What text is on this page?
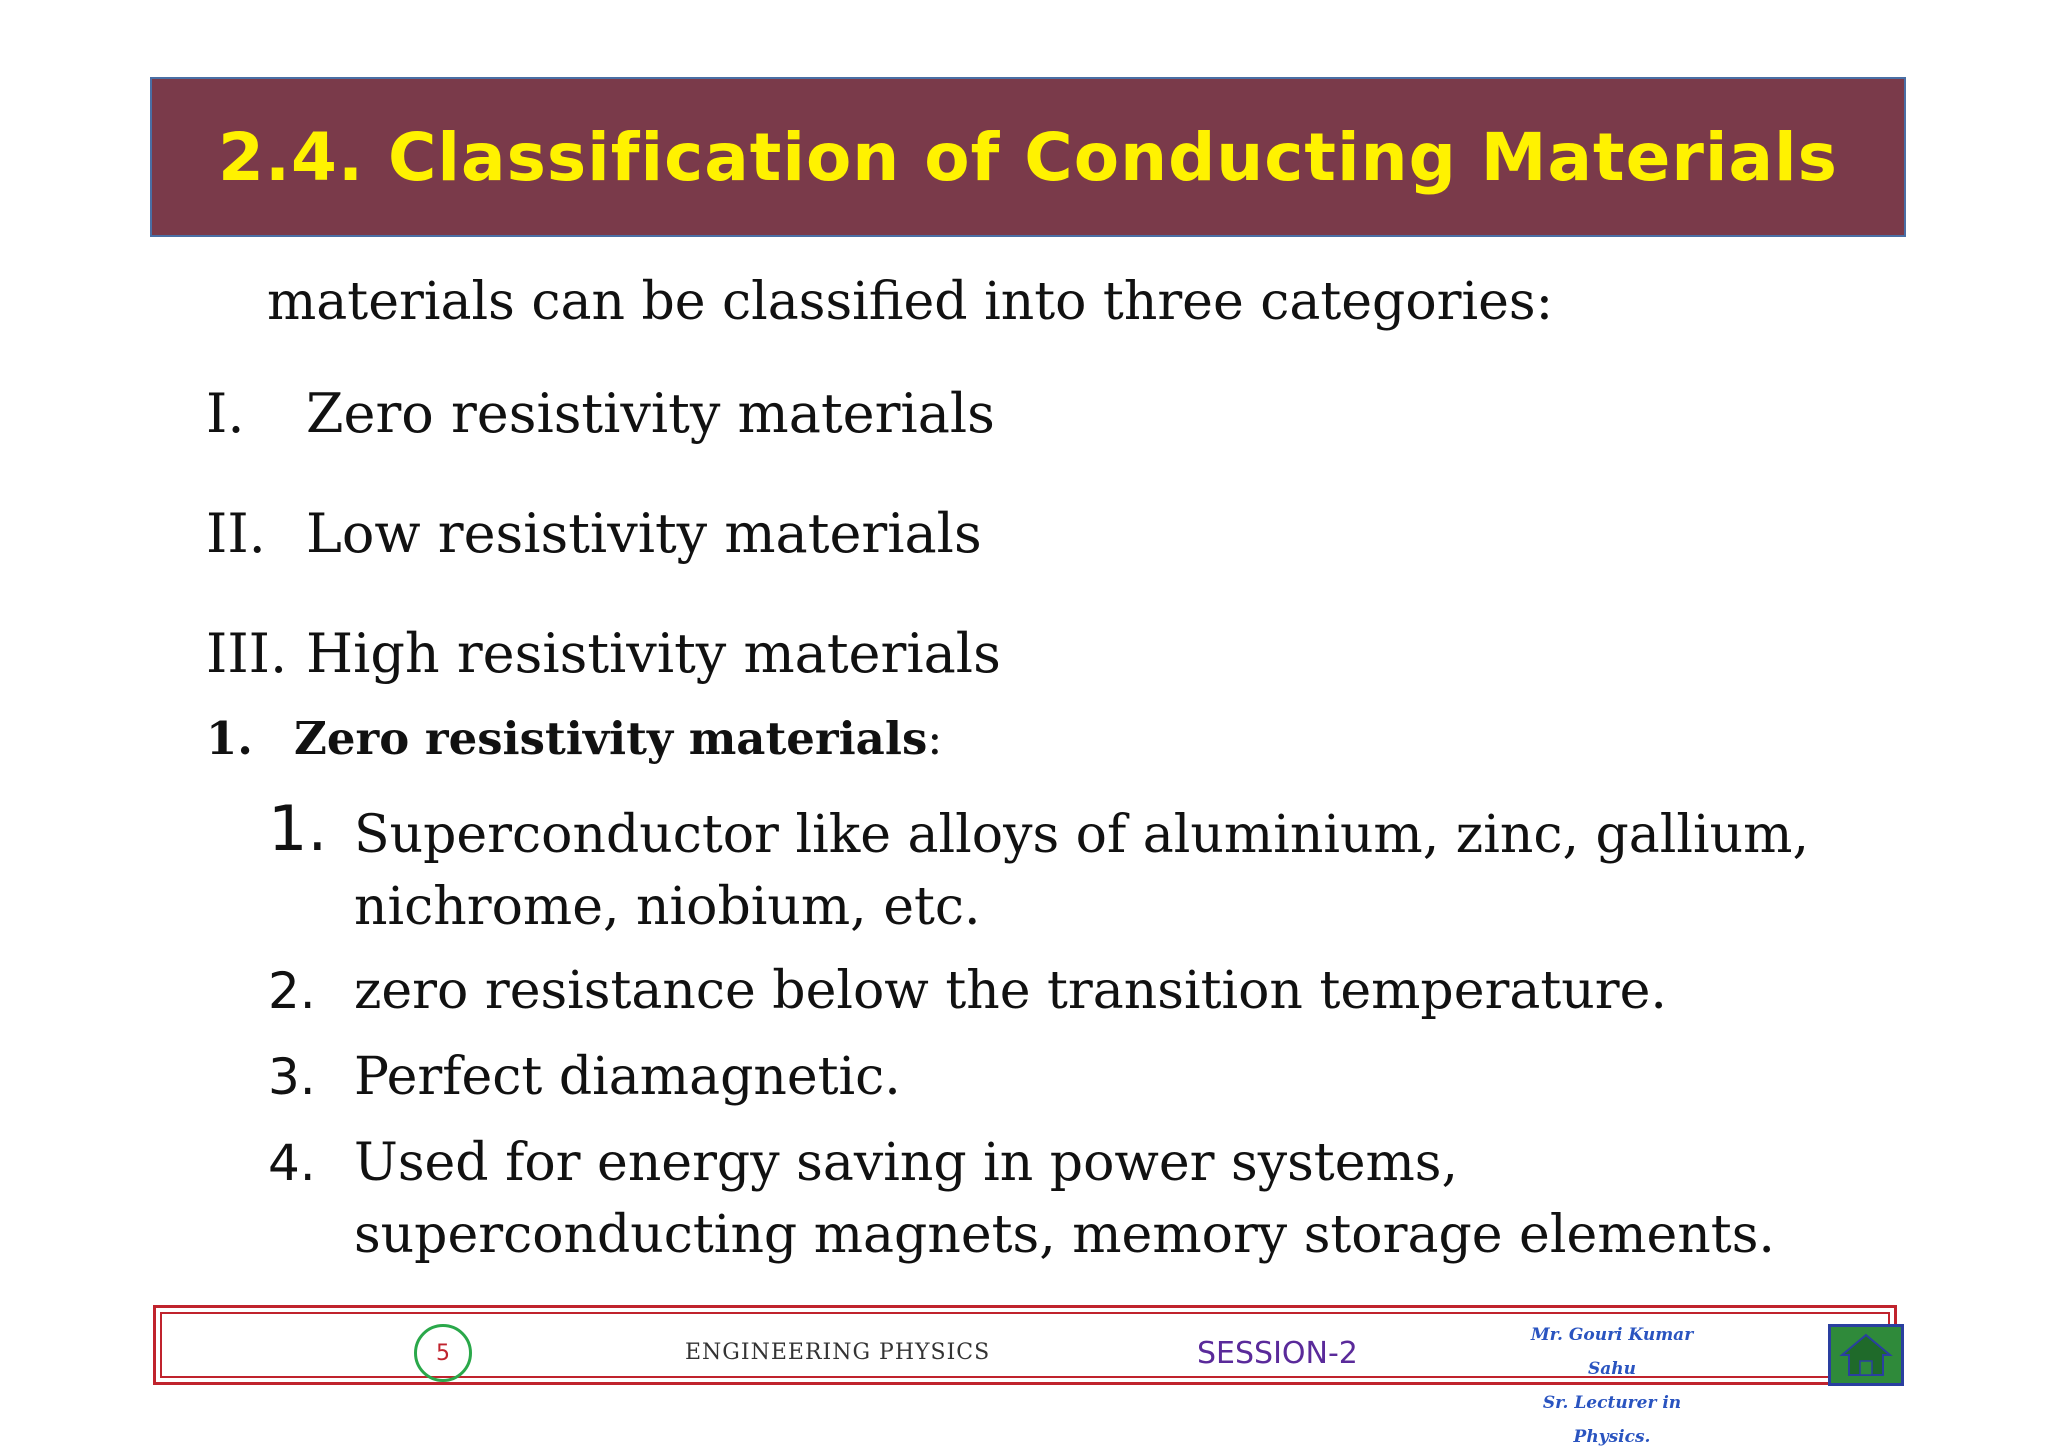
2.4. Classification of Conducting Materials
materials can be classified into three categories:
I. Zero resistivity materials
II. Low resistivity materials
III. High resistivity materials
1. Zero resistivity materials:
1. Superconductor like alloys of aluminium, zinc, gallium, nichrome, niobium, etc.
2. zero resistance below the transition temperature.
3. Perfect diamagnetic.
4. Used for energy saving in power systems, superconducting magnets, memory storage elements.
5	ENGINEERING PHYSICS	SESSION-2
Mr. Gouri Kumar Sahu
Sr. Lecturer in Physics.
